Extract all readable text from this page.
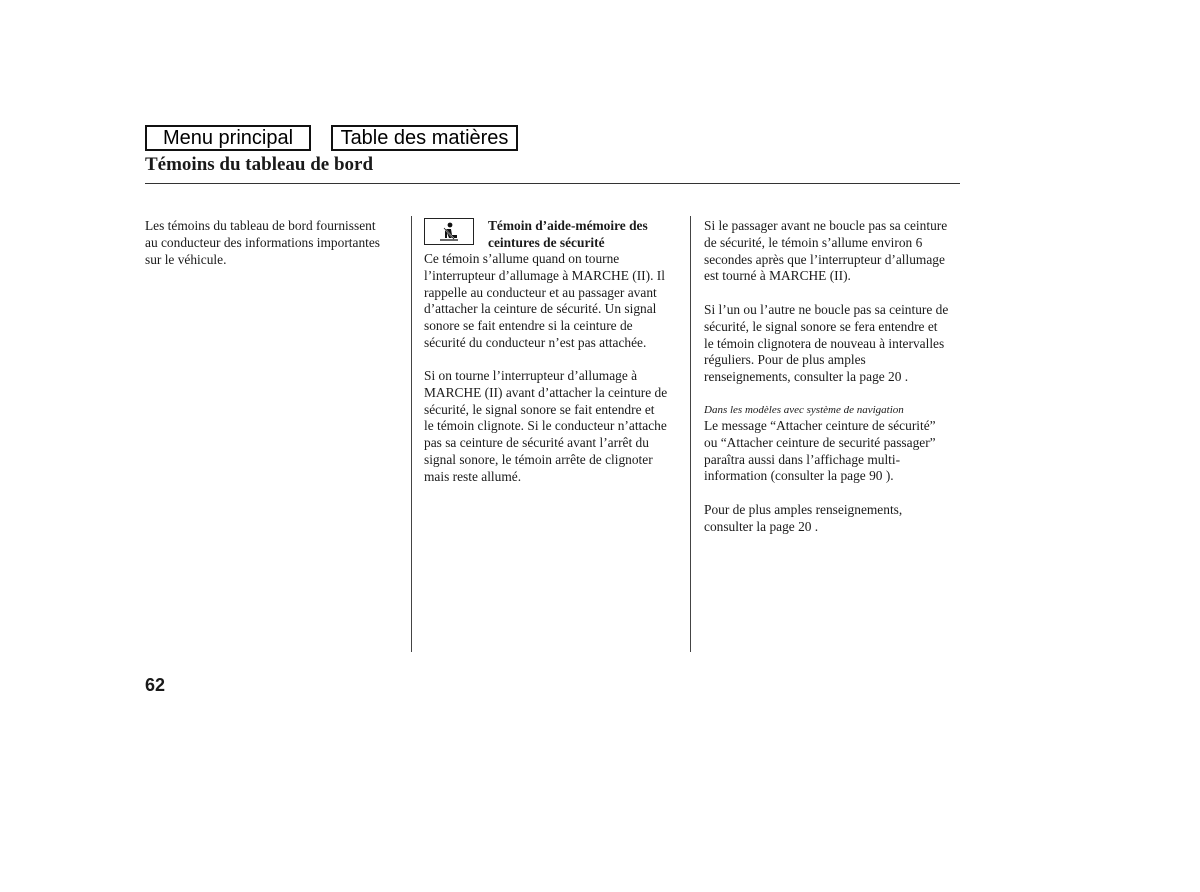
Menu principal	Table des matières
Témoins du tableau de bord
Les témoins du tableau de bord fournissent
au conducteur des informations importantes
sur le véhicule.
Témoin d’aide-mémoire des
ceintures de sécurité
Ce témoin s’allume quand on tourne
l’interrupteur d’allumage à MARCHE (II). Il
rappelle au conducteur et au passager avant
d’attacher la ceinture de sécurité. Un signal
sonore se fait entendre si la ceinture de
sécurité du conducteur n’est pas attachée.
Si on tourne l’interrupteur d’allumage à
MARCHE (II) avant d’attacher la ceinture de
sécurité, le signal sonore se fait entendre et
le témoin clignote. Si le conducteur n’attache
pas sa ceinture de sécurité avant l’arrêt du
signal sonore, le témoin arrête de clignoter
mais reste allumé.
Si le passager avant ne boucle pas sa ceinture
de sécurité, le témoin s’allume environ 6
secondes après que l’interrupteur d’allumage
est tourné à MARCHE (II).
Si l’un ou l’autre ne boucle pas sa ceinture de
sécurité, le signal sonore se fera entendre et
le témoin clignotera de nouveau à intervalles
réguliers. Pour de plus amples
renseignements, consulter la page 20 .
Dans les modèles avec système de navigation
Le message “Attacher ceinture de sécurité”
ou “Attacher ceinture de securité passager”
paraîtra aussi dans l’affichage multi-
information (consulter la page 90 ).
Pour de plus amples renseignements,
consulter la page 20 .
62
